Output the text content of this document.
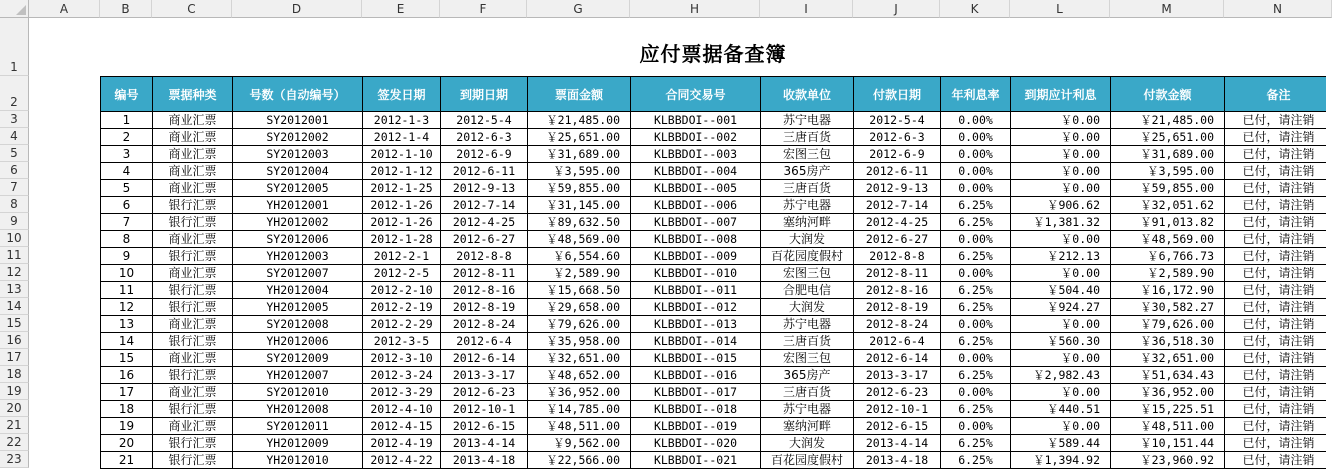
A	B	C	D	E	F	G	H	I	J	K	L	M	N
1
2
3
4
5
6
7
8
9
10
11
12
13
14
15
16
17
18
19
20
21
22
23
应付票据备查簿
编号	票据种类	号数（自动编号）	签发日期	到期日期	票面金额	合同交易号	收款单位	付款日期	年利息率	到期应计利息	付款金额	备注
1	商业汇票	SY2012001	2012-1-3	2012-5-4	￥21,485.00	KLBBDOI--001	苏宁电器	2012-5-4	0.00%	￥0.00	￥21,485.00	已付，请注销
2	商业汇票	SY2012002	2012-1-4	2012-6-3	￥25,651.00	KLBBDOI--002	三唐百货	2012-6-3	0.00%	￥0.00	￥25,651.00	已付，请注销
3	商业汇票	SY2012003	2012-1-10	2012-6-9	￥31,689.00	KLBBDOI--003	宏图三包	2012-6-9	0.00%	￥0.00	￥31,689.00	已付，请注销
4	商业汇票	SY2012004	2012-1-12	2012-6-11	￥3,595.00	KLBBDOI--004	365房产	2012-6-11	0.00%	￥0.00	￥3,595.00	已付，请注销
5	商业汇票	SY2012005	2012-1-25	2012-9-13	￥59,855.00	KLBBDOI--005	三唐百货	2012-9-13	0.00%	￥0.00	￥59,855.00	已付，请注销
6	银行汇票	YH2012001	2012-1-26	2012-7-14	￥31,145.00	KLBBDOI--006	苏宁电器	2012-7-14	6.25%	￥906.62	￥32,051.62	已付，请注销
7	银行汇票	YH2012002	2012-1-26	2012-4-25	￥89,632.50	KLBBDOI--007	塞纳河畔	2012-4-25	6.25%	￥1,381.32	￥91,013.82	已付，请注销
8	商业汇票	SY2012006	2012-1-28	2012-6-27	￥48,569.00	KLBBDOI--008	大润发	2012-6-27	0.00%	￥0.00	￥48,569.00	已付，请注销
9	银行汇票	YH2012003	2012-2-1	2012-8-8	￥6,554.60	KLBBDOI--009	百花园度假村	2012-8-8	6.25%	￥212.13	￥6,766.73	已付，请注销
10	商业汇票	SY2012007	2012-2-5	2012-8-11	￥2,589.90	KLBBDOI--010	宏图三包	2012-8-11	0.00%	￥0.00	￥2,589.90	已付，请注销
11	银行汇票	YH2012004	2012-2-10	2012-8-16	￥15,668.50	KLBBDOI--011	合肥电信	2012-8-16	6.25%	￥504.40	￥16,172.90	已付，请注销
12	银行汇票	YH2012005	2012-2-19	2012-8-19	￥29,658.00	KLBBDOI--012	大润发	2012-8-19	6.25%	￥924.27	￥30,582.27	已付，请注销
13	商业汇票	SY2012008	2012-2-29	2012-8-24	￥79,626.00	KLBBDOI--013	苏宁电器	2012-8-24	0.00%	￥0.00	￥79,626.00	已付，请注销
14	银行汇票	YH2012006	2012-3-5	2012-6-4	￥35,958.00	KLBBDOI--014	三唐百货	2012-6-4	6.25%	￥560.30	￥36,518.30	已付，请注销
15	商业汇票	SY2012009	2012-3-10	2012-6-14	￥32,651.00	KLBBDOI--015	宏图三包	2012-6-14	0.00%	￥0.00	￥32,651.00	已付，请注销
16	银行汇票	YH2012007	2012-3-24	2013-3-17	￥48,652.00	KLBBDOI--016	365房产	2013-3-17	6.25%	￥2,982.43	￥51,634.43	已付，请注销
17	商业汇票	SY2012010	2012-3-29	2012-6-23	￥36,952.00	KLBBDOI--017	三唐百货	2012-6-23	0.00%	￥0.00	￥36,952.00	已付，请注销
18	银行汇票	YH2012008	2012-4-10	2012-10-1	￥14,785.00	KLBBDOI--018	苏宁电器	2012-10-1	6.25%	￥440.51	￥15,225.51	已付，请注销
19	商业汇票	SY2012011	2012-4-15	2012-6-15	￥48,511.00	KLBBDOI--019	塞纳河畔	2012-6-15	0.00%	￥0.00	￥48,511.00	已付，请注销
20	银行汇票	YH2012009	2012-4-19	2013-4-14	￥9,562.00	KLBBDOI--020	大润发	2013-4-14	6.25%	￥589.44	￥10,151.44	已付，请注销
21	银行汇票	YH2012010	2012-4-22	2013-4-18	￥22,566.00	KLBBDOI--021	百花园度假村	2013-4-18	6.25%	￥1,394.92	￥23,960.92	已付，请注销
